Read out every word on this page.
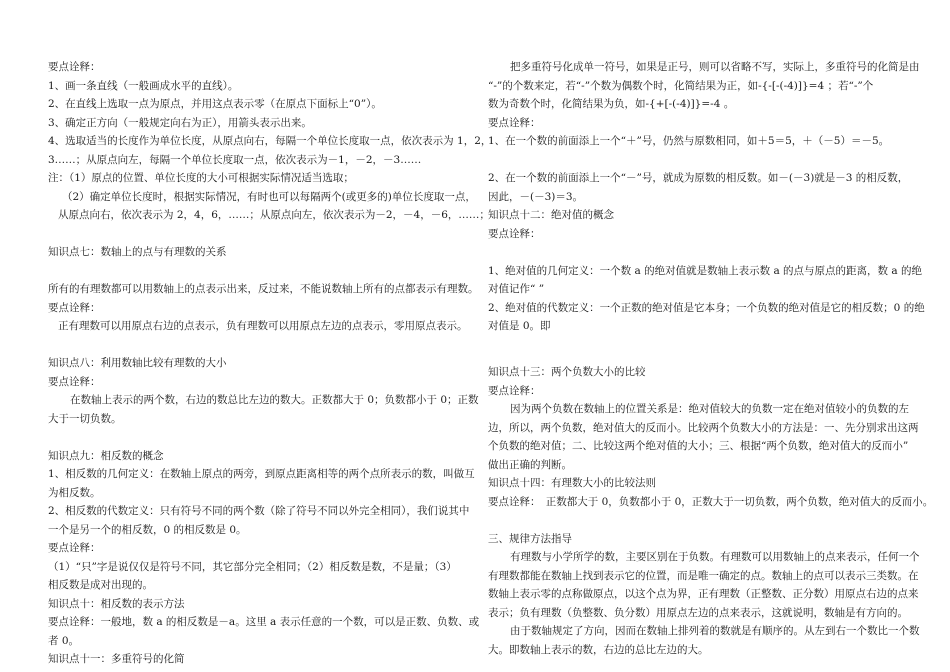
要点诠释：
1、画一条直线（一般画成水平的直线）。
2、在直线上选取一点为原点，并用这点表示零（在原点下面标上“0”）。
3、确定正方向（一般规定向右为正），用箭头表示出来。
4、选取适当的长度作为单位长度，从原点向右，每隔一个单位长度取一点，依次表示为 1，2，
3……；从原点向左，每隔一个单位长度取一点，依次表示为－1，－2，－3……
注：（1）原点的位置、单位长度的大小可根据实际情况适当选取；
（2）确定单位长度时，根据实际情况，有时也可以每隔两个(或更多的)单位长度取一点，
从原点向右，依次表示为 2，4，6，……；从原点向左，依次表示为－2，－4，－6，……；
知识点七：数轴上的点与有理数的关系
所有的有理数都可以用数轴上的点表示出来，反过来，不能说数轴上所有的点都表示有理数。
要点诠释：
正有理数可以用原点右边的点表示，负有理数可以用原点左边的点表示，零用原点表示。
知识点八：利用数轴比较有理数的大小
要点诠释：
在数轴上表示的两个数，右边的数总比左边的数大。正数都大于 0；负数都小于 0；正数
大于一切负数。
知识点九：相反数的概念
1、相反数的几何定义：在数轴上原点的两旁，到原点距离相等的两个点所表示的数，叫做互
为相反数。
2、相反数的代数定义：只有符号不同的两个数（除了符号不同以外完全相同），我们说其中
一个是另一个的相反数，0 的相反数是 0。
要点诠释：
（1）“只”字是说仅仅是符号不同，其它部分完全相同；（2）相反数是数，不是量；（3）
相反数是成对出现的。
知识点十：相反数的表示方法
要点诠释：一般地，数 a 的相反数是－a。这里 a 表示任意的一个数，可以是正数、负数、或
者 0。
知识点十一：多重符号的化简
把多重符号化成单一符号，如果是正号，则可以省略不写，实际上，多重符号的化简是由
“-”的个数来定，若“-”个数为偶数个时，化简结果为正，如-{-[-(-4)]}=4 ；若“-”个
数为奇数个时，化简结果为负，如-{+[-(-4)]}=-4 。
要点诠释：
1、在一个数的前面添上一个“＋”号，仍然与原数相同，如＋5＝5，＋（－5）＝－5。
2、在一个数的前面添上一个“－”号，就成为原数的相反数。如－(－3)就是－3 的相反数，
因此，－(－3)＝3。
知识点十二：绝对值的概念
要点诠释：
1、绝对值的几何定义：一个数 a 的绝对值就是数轴上表示数 a 的点与原点的距离，数 a 的绝
对值记作“ ”
2、绝对值的代数定义：一个正数的绝对值是它本身；一个负数的绝对值是它的相反数；0 的绝
对值是 0。即
知识点十三：两个负数大小的比较
要点诠释：
因为两个负数在数轴上的位置关系是：绝对值较大的负数一定在绝对值较小的负数的左
边，所以，两个负数，绝对值大的反而小。比较两个负数大小的方法是：一、先分别求出这两
个负数的绝对值；二、比较这两个绝对值的大小；三、根据“两个负数，绝对值大的反而小”
做出正确的判断。
知识点十四：有理数大小的比较法则
要点诠释：　正数都大于 0，负数都小于 0，正数大于一切负数，两个负数，绝对值大的反而小。
三、规律方法指导
有理数与小学所学的数，主要区别在于负数。有理数可以用数轴上的点来表示，任何一个
有理数都能在数轴上找到表示它的位置，而是唯一确定的点。数轴上的点可以表示三类数。在
数轴上表示零的点称做原点，以这个点为界，正有理数（正整数、正分数）用原点右边的点来
表示；负有理数（负整数、负分数）用原点左边的点来表示，这就说明，数轴是有方向的。
由于数轴规定了方向，因而在数轴上排列着的数就是有顺序的。从左到右一个数比一个数
大。即数轴上表示的数，右边的总比左边的大。
